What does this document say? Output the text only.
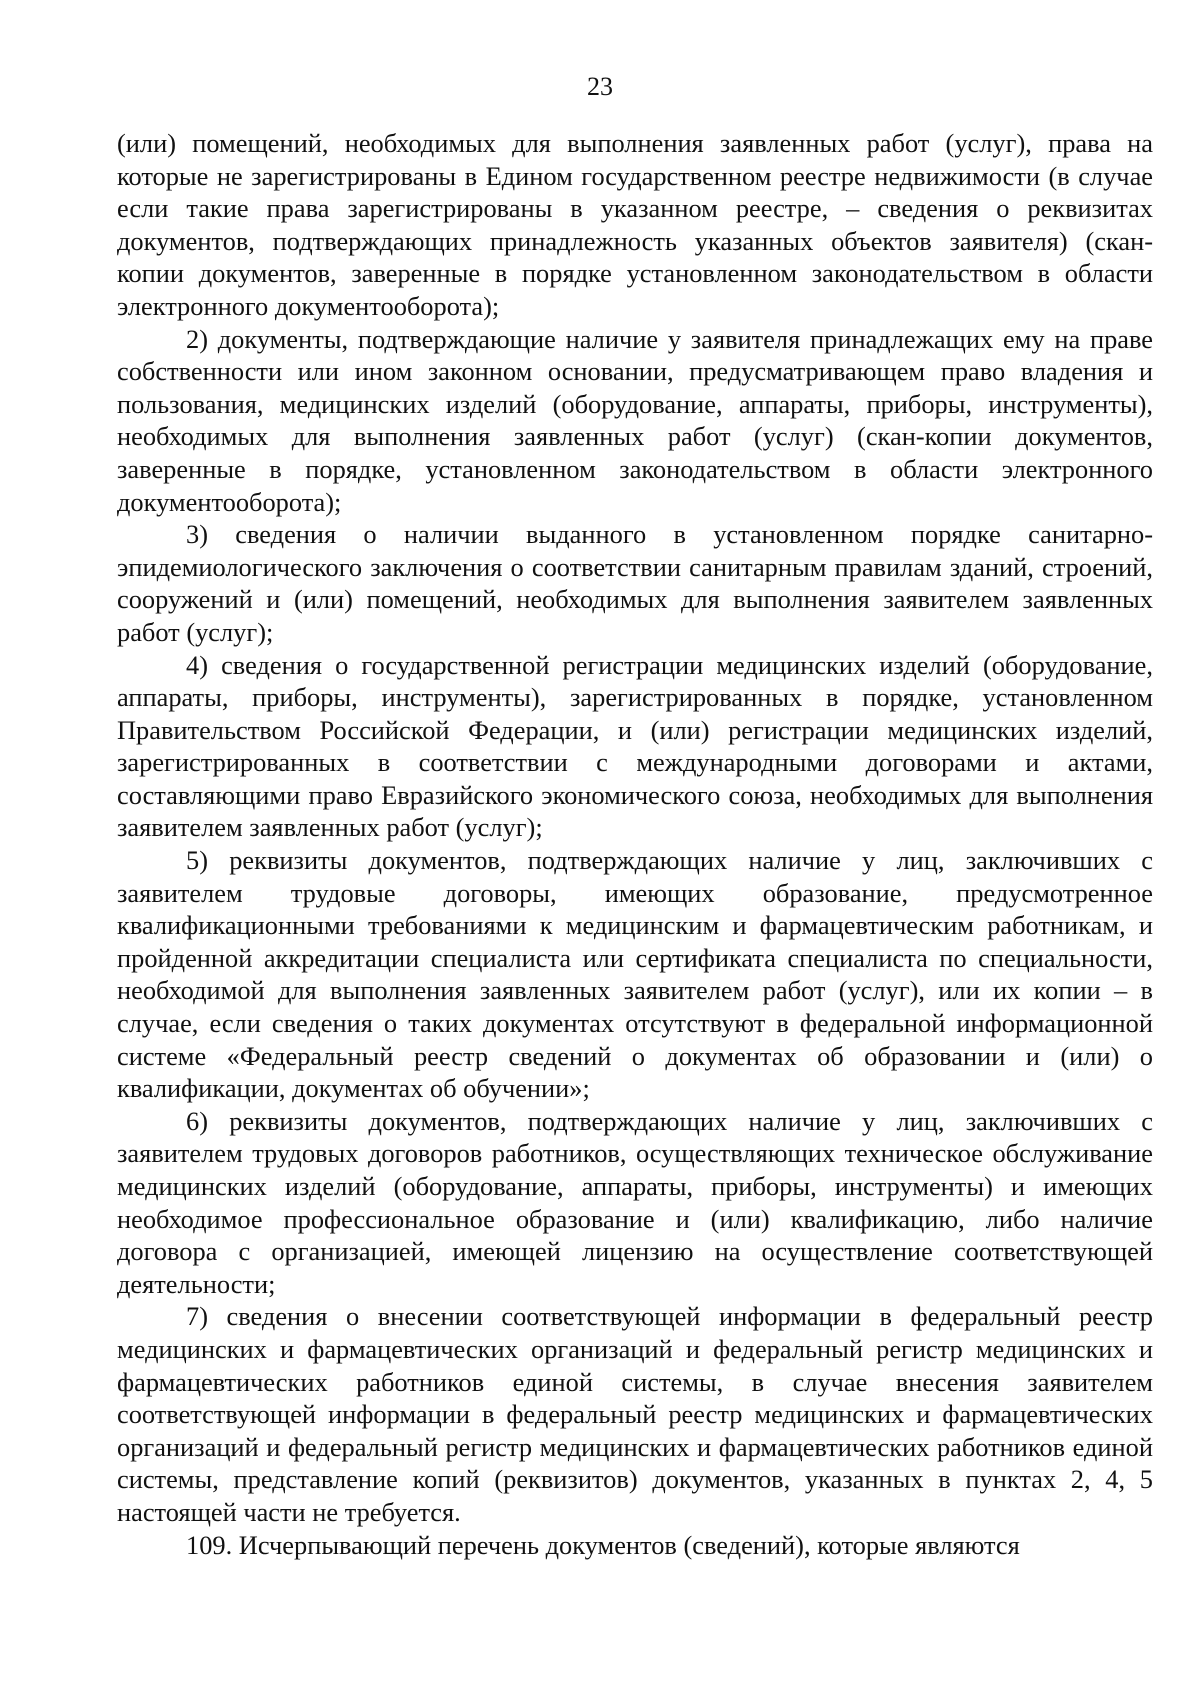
23

(или) помещений, необходимых для выполнения заявленных работ (услуг), права на которые не зарегистрированы в Едином государственном реестре недвижимости (в случае если такие права зарегистрированы в указанном реестре, – сведения о реквизитах документов, подтверждающих принадлежность указанных объектов заявителя) (скан-копии документов, заверенные в порядке установленном законодательством в области электронного документооборота);

2) документы, подтверждающие наличие у заявителя принадлежащих ему на праве собственности или ином законном основании, предусматривающем право владения и пользования, медицинских изделий (оборудование, аппараты, приборы, инструменты), необходимых для выполнения заявленных работ (услуг) (скан-копии документов, заверенные в порядке, установленном законодательством в области электронного документооборота);

3) сведения о наличии выданного в установленном порядке санитарно-эпидемиологического заключения о соответствии санитарным правилам зданий, строений, сооружений и (или) помещений, необходимых для выполнения заявителем заявленных работ (услуг);

4) сведения о государственной регистрации медицинских изделий (оборудование, аппараты, приборы, инструменты), зарегистрированных в порядке, установленном Правительством Российской Федерации, и (или) регистрации медицинских изделий, зарегистрированных в соответствии с международными договорами и актами, составляющими право Евразийского экономического союза, необходимых для выполнения заявителем заявленных работ (услуг);

5) реквизиты документов, подтверждающих наличие у лиц, заключивших с заявителем трудовые договоры, имеющих образование, предусмотренное квалификационными требованиями к медицинским и фармацевтическим работникам, и пройденной аккредитации специалиста или сертификата специалиста по специальности, необходимой для выполнения заявленных заявителем работ (услуг), или их копии – в случае, если сведения о таких документах отсутствуют в федеральной информационной системе «Федеральный реестр сведений о документах об образовании и (или) о квалификации, документах об обучении»;

6) реквизиты документов, подтверждающих наличие у лиц, заключивших с заявителем трудовых договоров работников, осуществляющих техническое обслуживание медицинских изделий (оборудование, аппараты, приборы, инструменты) и имеющих необходимое профессиональное образование и (или) квалификацию, либо наличие договора с организацией, имеющей лицензию на осуществление соответствующей деятельности;

7) сведения о внесении соответствующей информации в федеральный реестр медицинских и фармацевтических организаций и федеральный регистр медицинских и фармацевтических работников единой системы, в случае внесения заявителем соответствующей информации в федеральный реестр медицинских и фармацевтических организаций и федеральный регистр медицинских и фармацевтических работников единой системы, представление копий (реквизитов) документов, указанных в пунктах 2, 4, 5 настоящей части не требуется.

109. Исчерпывающий перечень документов (сведений), которые являются
